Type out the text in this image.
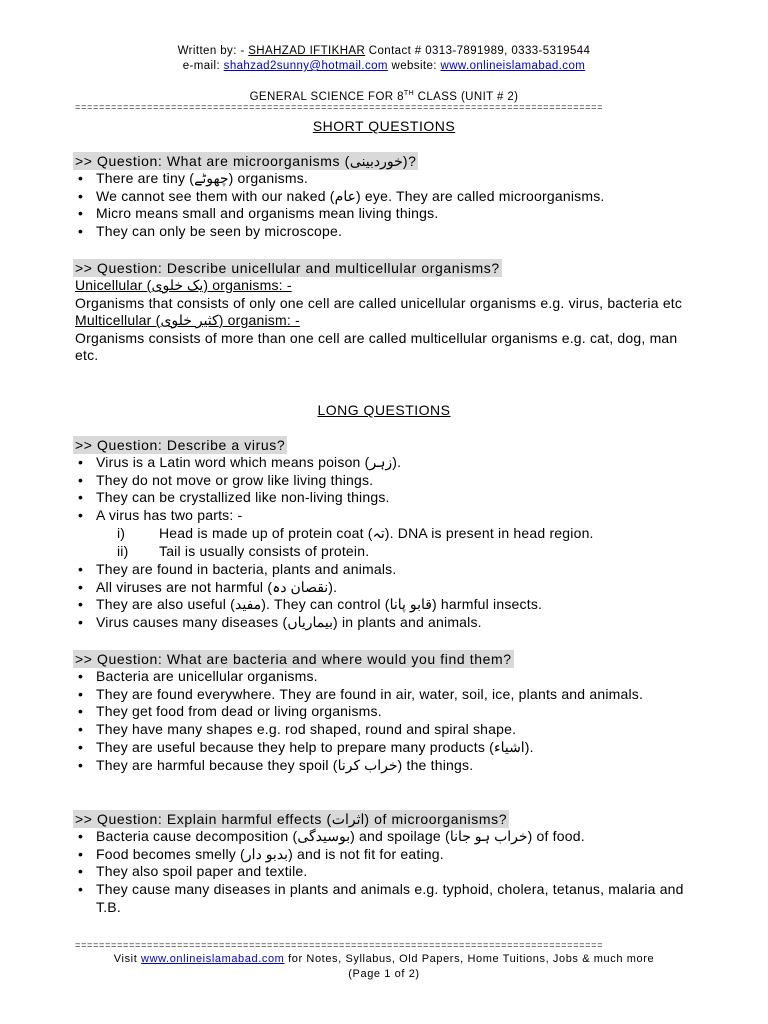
Written by: - SHAHZAD IFTIKHAR Contact # 0313-7891989, 0333-5319544
e-mail: shahzad2sunny@hotmail.com website: www.onlineislamabad.com
GENERAL SCIENCE FOR 8TH CLASS (UNIT # 2)
=====
SHORT QUESTIONS
>> Question: What are microorganisms (خوردبینی)?
• There are tiny (چھوٹے) organisms.
• We cannot see them with our naked (عام) eye. They are called microorganisms.
• Micro means small and organisms mean living things.
• They can only be seen by microscope.
>> Question: Describe unicellular and multicellular organisms?
Unicellular (یک خلوی) organisms: -
Organisms that consists of only one cell are called unicellular organisms e.g. virus, bacteria etc
Multicellular (کثیر خلوی) organism: -
Organisms consists of more than one cell are called multicellular organisms e.g. cat, dog, man etc.
LONG QUESTIONS
>> Question: Describe a virus?
• Virus is a Latin word which means poison (زہر).
• They do not move or grow like living things.
• They can be crystallized like non-living things.
• A virus has two parts: -
i) Head is made up of protein coat (تہ). DNA is present in head region.
ii) Tail is usually consists of protein.
• They are found in bacteria, plants and animals.
• All viruses are not harmful (نقصان دہ).
• They are also useful (مفید). They can control (قابو پانا) harmful insects.
• Virus causes many diseases (بیماریاں) in plants and animals.
>> Question: What are bacteria and where would you find them?
• Bacteria are unicellular organisms.
• They are found everywhere. They are found in air, water, soil, ice, plants and animals.
• They get food from dead or living organisms.
• They have many shapes e.g. rod shaped, round and spiral shape.
• They are useful because they help to prepare many products (اشیاء).
• They are harmful because they spoil (خراب کرنا) the things.
>> Question: Explain harmful effects (اثرات) of microorganisms?
• Bacteria cause decomposition (بوسیدگی) and spoilage (خراب ہو جانا) of food.
• Food becomes smelly (بدبو دار) and is not fit for eating.
• They also spoil paper and textile.
• They cause many diseases in plants and animals e.g. typhoid, cholera, tetanus, malaria and T.B.
=====
Visit www.onlineislamabad.com for Notes, Syllabus, Old Papers, Home Tuitions, Jobs & much more
(Page 1 of 2)
